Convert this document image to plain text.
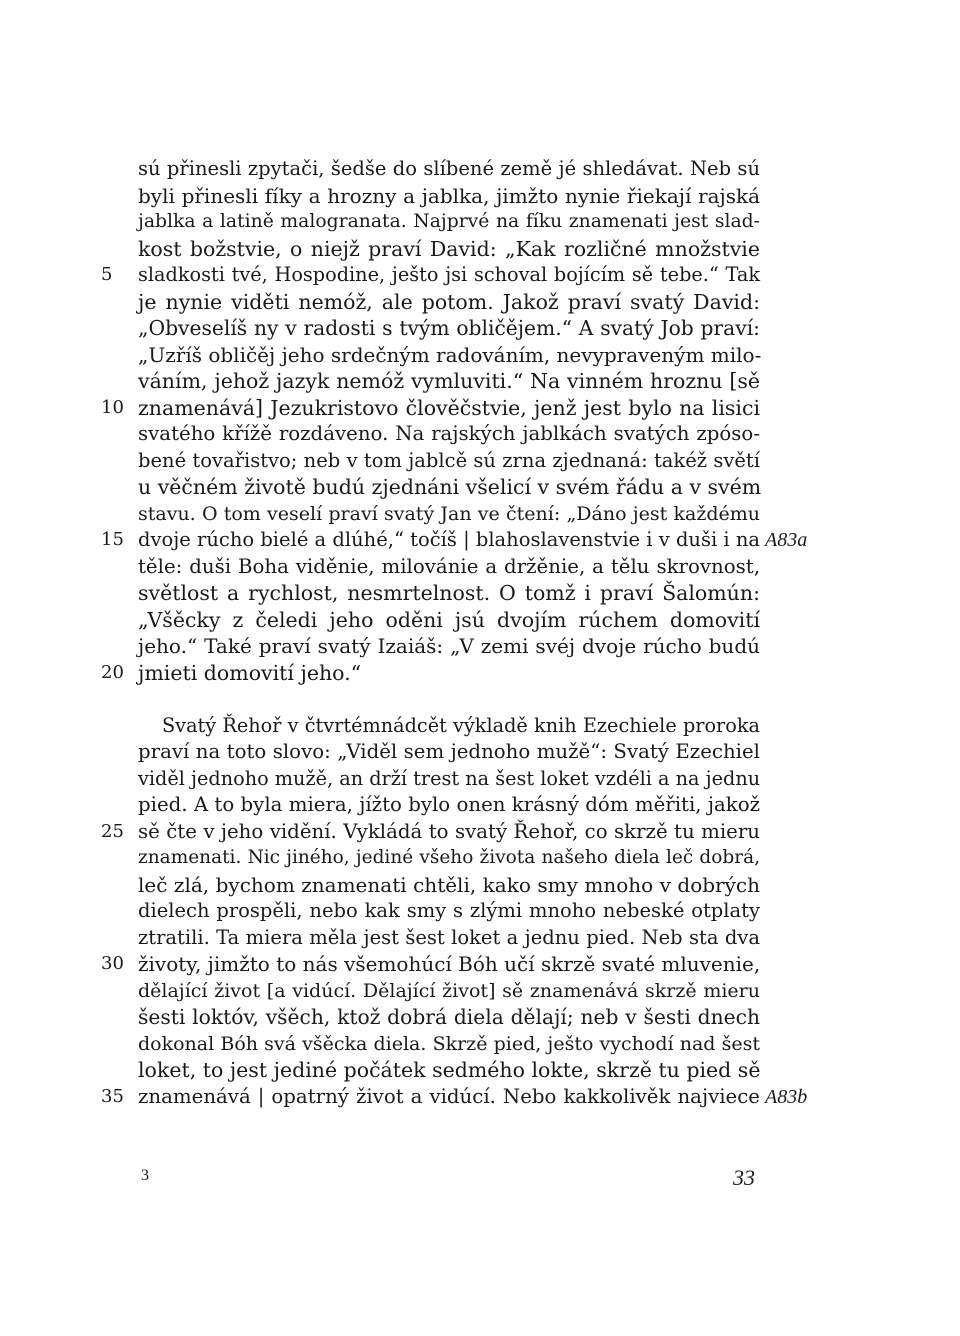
sú přinesli zpytači, šedše do slíbené země jé shledávat. Neb sú
byli přinesli fíky a hrozny a jablka, jimžto nynie řiekají rajská
jablka a latině malogranata. Najprvé na fíku znamenati jest slad-
kost božstvie, o niejž praví David: „Kak rozličné množstvie
5	sladkosti tvé, Hospodine, ješto jsi schoval bojícím sě tebe.“ Tak
je nynie viděti nemóž, ale potom. Jakož praví svatý David:
„Obveselíš ny v radosti s tvým obličějem.“ A svatý Job praví:
„Uzříš obličěj jeho srdečným radováním, nevypraveným milo-
váním, jehož jazyk nemóž vymluviti.“ Na vinném hroznu [sě
10 znamenává] Jezukristovo člověčstvie, jenž jest bylo na lisici
svatého křížě rozdáveno. Na rajských jablkách svatých zpóso-
bené tovařistvo; neb v tom jablcě sú zrna zjednaná: takéž světí
u věčném životě budú zjednáni všelicí v svém řádu a v svém
stavu. O tom veselí praví svatý Jan ve čtení: „Dáno jest každému
15 dvoje rúcho bielé a dlúhé,“ točíš | blahoslavenstvie i v duši i na A83a
těle: duši Boha viděnie, milovánie a držěnie, a tělu skrovnost,
světlost a rychlost, nesmrtelnost. O tomž i praví Šalomún:
„Všěcky z čeledi jeho oděni jsú dvojím rúchem domovití
jeho.“ Také praví svatý Izaiáš: „V zemi svéj dvoje rúcho budú
20 jmieti domovití jeho.“
Svatý Řehoř v čtvrtémnádcět výkladě knih Ezechiele proroka
praví na toto slovo: „Viděl sem jednoho mužě“: Svatý Ezechiel
viděl jednoho mužě, an drží trest na šest loket vzdéli a na jednu
pied. A to byla miera, jížto bylo onen krásný dóm měřiti, jakož
25 sě čte v jeho vidění. Vykládá to svatý Řehoř, co skrzě tu mieru
znamenati. Nic jiného, jediné všeho života našeho diela leč dobrá,
leč zlá, bychom znamenati chtěli, kako smy mnoho v dobrých
dielech prospěli, nebo kak smy s zlými mnoho nebeské otplaty
ztratili. Ta miera měla jest šest loket a jednu pied. Neb sta dva
30 životy, jimžto to nás všemohúcí Bóh učí skrzě svaté mluvenie,
dělající život [a vidúcí. Dělající život] sě znamenává skrzě mieru
šesti loktóv, všěch, ktož dobrá diela dělají; neb v šesti dnech
dokonal Bóh svá všěcka diela. Skrzě pied, ješto vychodí nad šest
loket, to jest jediné počátek sedmého lokte, skrzě tu pied sě
35 znamenává | opatrný život a vidúcí. Nebo kakkolivěk najviece A83b
3	33
